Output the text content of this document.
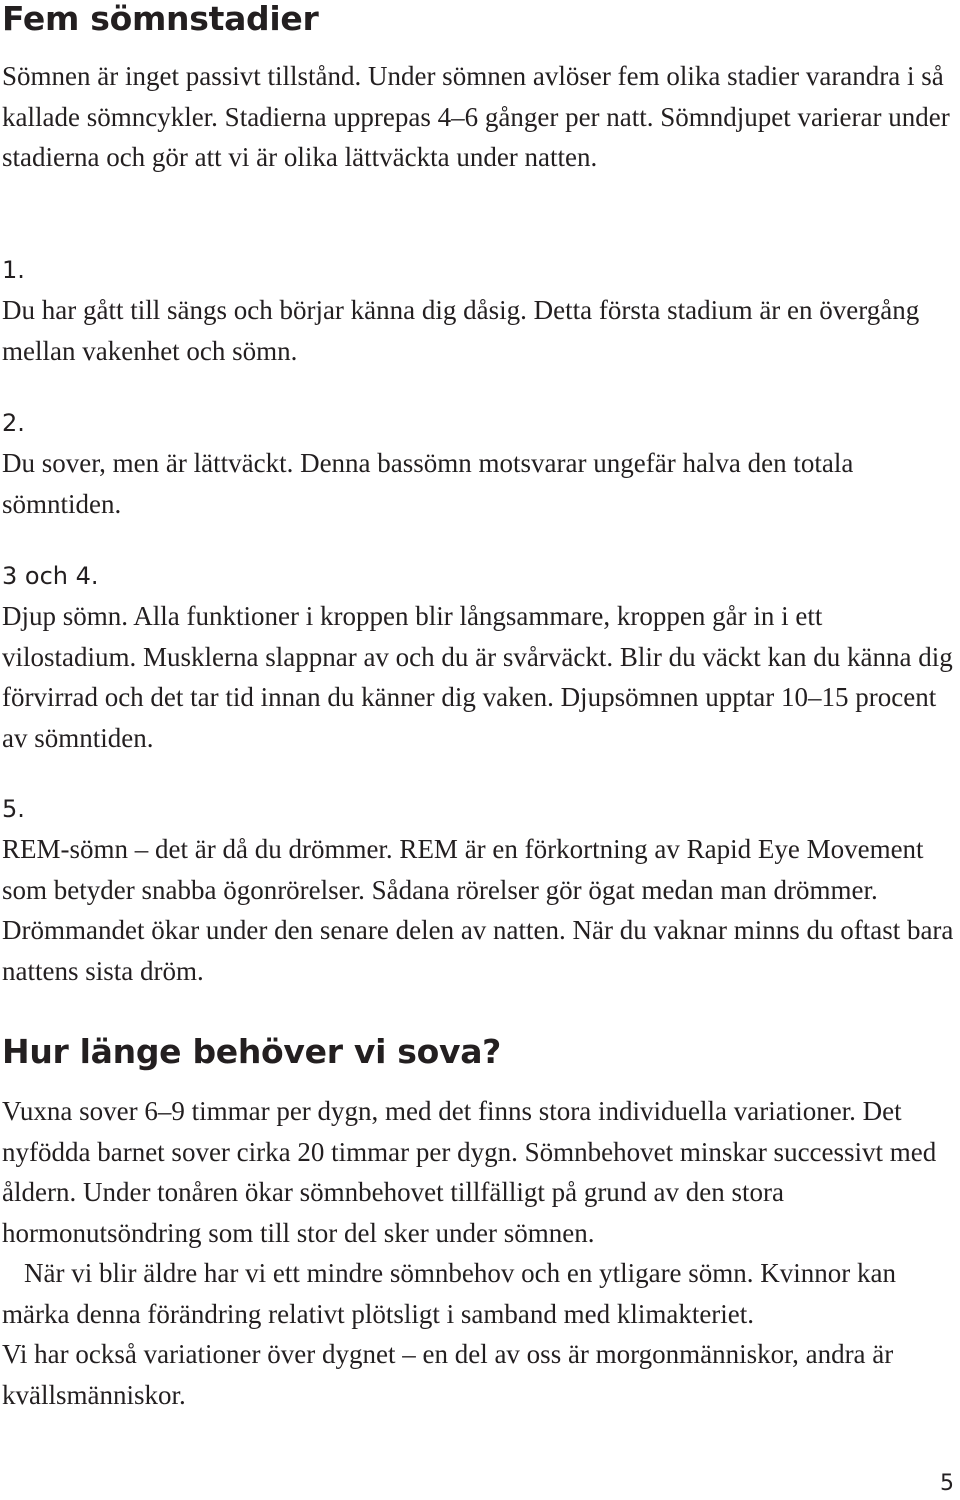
Fem sömnstadier

Sömnen är inget passivt tillstånd. Under sömnen avlöser fem olika stadier varandra i så kallade sömncykler. Stadierna upprepas 4–6 gånger per natt. Sömndjupet varierar under stadierna och gör att vi är olika lättväckta under natten.

1.

Du har gått till sängs och börjar känna dig dåsig. Detta första stadium är en övergång mellan vakenhet och sömn.

2.

Du sover, men är lättväckt. Denna bassömn motsvarar ungefär halva den totala sömntiden.

3 och 4.

Djup sömn. Alla funktioner i kroppen blir långsammare, kroppen går in i ett vilostadium. Musklerna slappnar av och du är svårväckt. Blir du väckt kan du känna dig förvirrad och det tar tid innan du känner dig vaken. Djupsömnen upptar 10–15 procent av sömntiden.

5.

REM-sömn – det är då du drömmer. REM är en förkortning av Rapid Eye Movement som betyder snabba ögonrörelser. Sådana rörelser gör ögat medan man drömmer. Drömmandet ökar under den senare delen av natten. När du vaknar minns du oftast bara nattens sista dröm.

Hur länge behöver vi sova?

Vuxna sover 6–9 timmar per dygn, med det finns stora individuella variationer. Det nyfödda barnet sover cirka 20 timmar per dygn. Sömnbehovet minskar successivt med åldern. Under tonåren ökar sömnbehovet tillfälligt på grund av den stora hormonutsöndring som till stor del sker under sömnen.

När vi blir äldre har vi ett mindre sömnbehov och en ytligare sömn. Kvinnor kan märka denna förändring relativt plötsligt i samband med klimakteriet.

Vi har också variationer över dygnet – en del av oss är morgonmänniskor, andra är kvällsmänniskor.

5
